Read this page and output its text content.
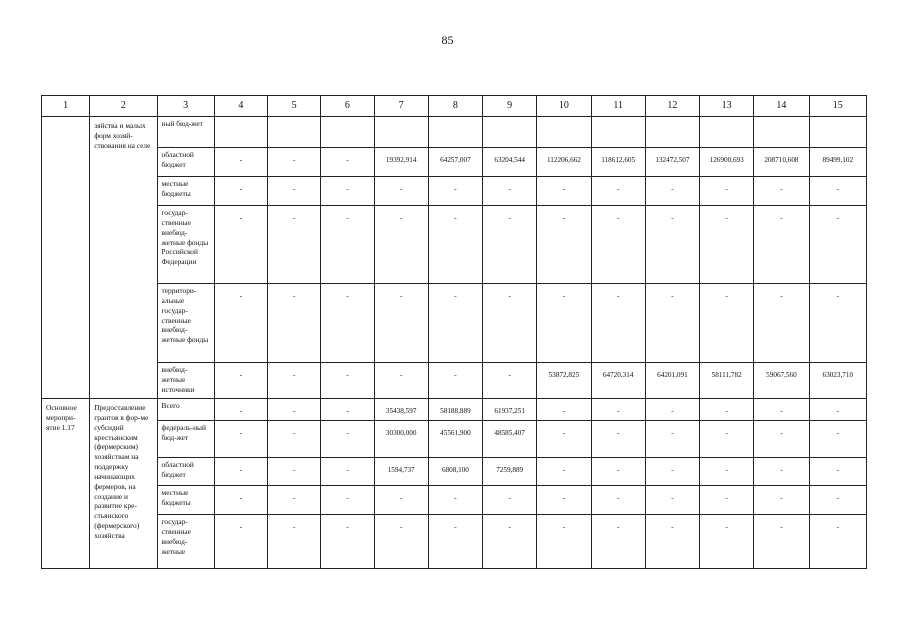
85
1	2	3	4	5	6	7	8	9	10	11	12	13	14	15
	зяйства и малых форм хозяй-ствования на селе	ный бюд-жет												
		областной бюджет	-	-	-	19392,914	64257,007	63204,544	112206,662	118612,605	132472,507	126900,693	208710,608	89499,102
		местные бюджеты	-	-	-	-	-	-	-	-	-	-	-	-
		государ-ственные внебюд-жетные фонды Российской Федерации	-	-	-	-	-	-	-	-	-	-	-	-
		территори-альные государ-ственные внебюд-жетные фонды	-	-	-	-	-	-	-	-	-	-	-	-
		внебюд-жетные источники	-	-	-	-	-	-	53872,825	64720,314	64201,091	58111,782	59067,560	63023,710
Основное меропри-ятие 1.17	Предоставление грантов в фор-ме субсидий крестьянским (фермерским) хозяйствам на поддержку начинающих фермеров, на создание и развитие кре-стьянского (фермерского) хозяйства	Всего	-	-	-	35438,597	58188,889	61937,251	-	-	-	-	-	-
		федераль-ный бюд-жет	-	-	-	30300,000	45561,900	48585,407	-	-	-	-	-	-
		областной бюджет	-	-	-	1594,737	6808,100	7259,889	-	-	-	-	-	-
		местные бюджеты	-	-	-	-	-	-	-	-	-	-	-	-
		государ-ственные внебюд-жетные	-	-	-	-	-	-	-	-	-	-	-	-
